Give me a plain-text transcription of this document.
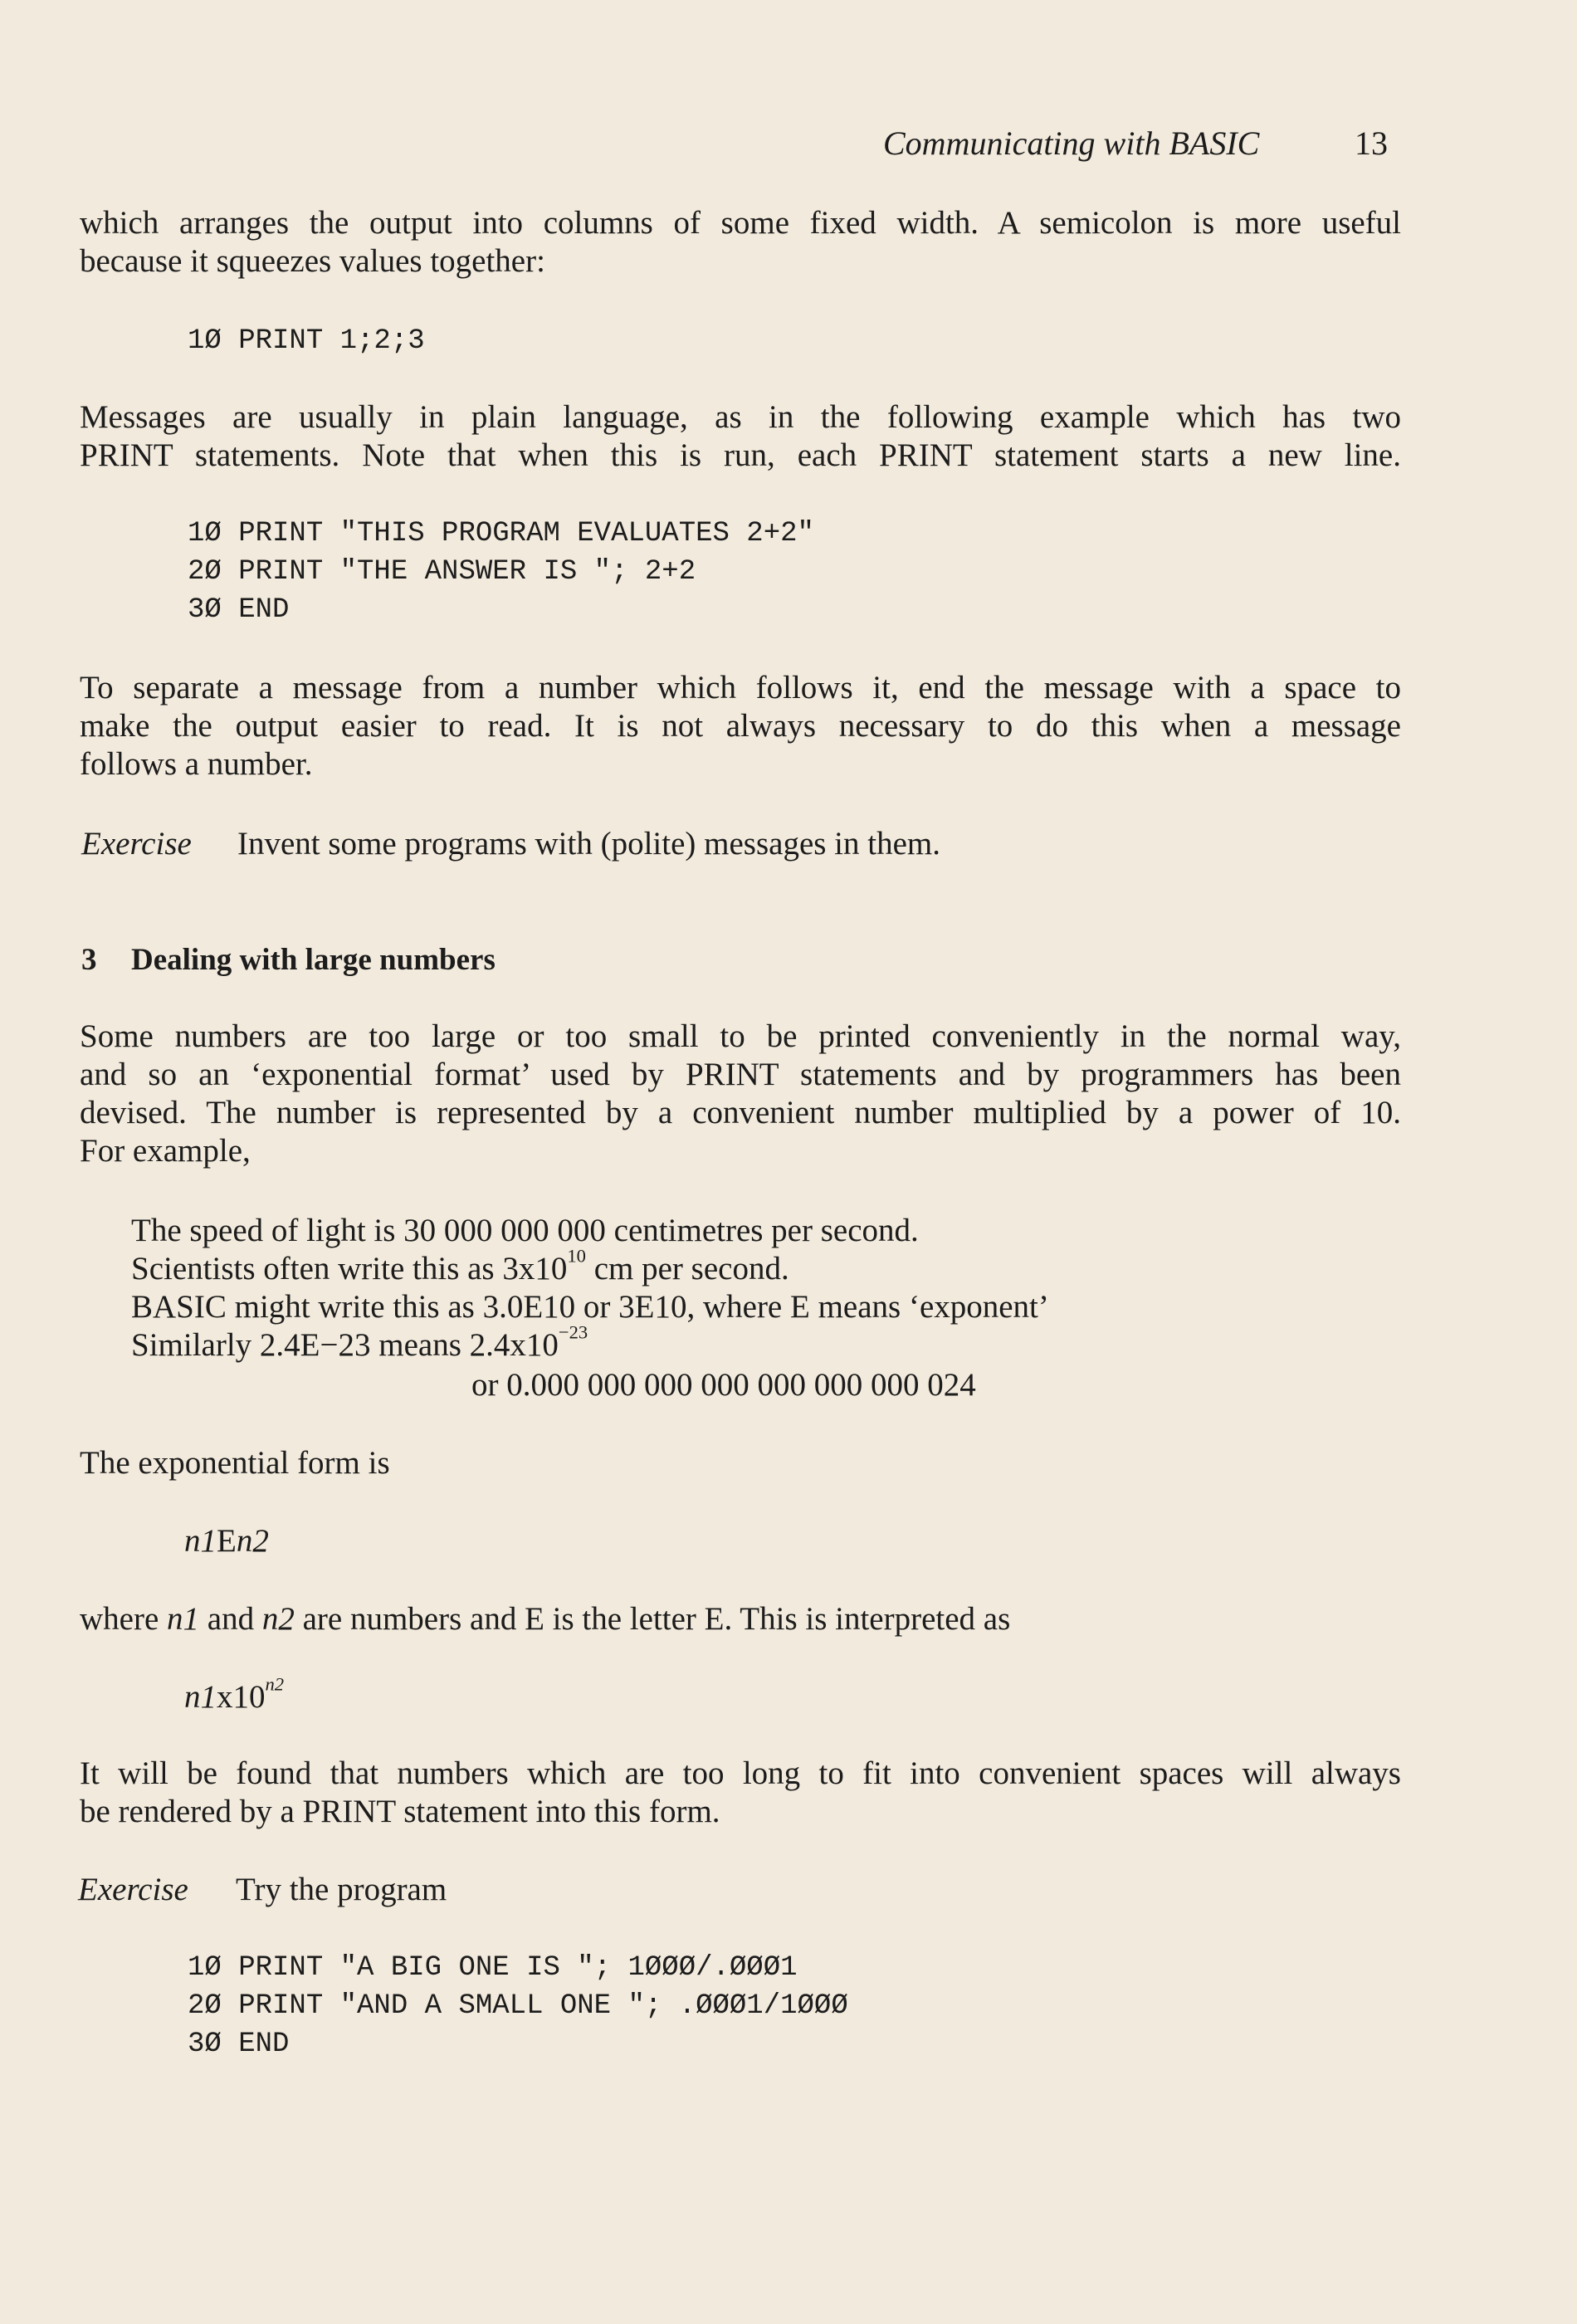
Communicating with BASIC	13
which arranges the output into columns of some fixed width. A semicolon is more useful
because it squeezes values together:
1Ø PRINT 1;2;3
Messages are usually in plain language, as in the following example which has two
PRINT statements. Note that when this is run, each PRINT statement starts a new line.
1Ø PRINT "THIS PROGRAM EVALUATES 2+2"
2Ø PRINT "THE ANSWER IS "; 2+2
3Ø END
To separate a message from a number which follows it, end the message with a space to
make the output easier to read. It is not always necessary to do this when a message
follows a number.
Exercise Invent some programs with (polite) messages in them.
3 Dealing with large numbers
Some numbers are too large or too small to be printed conveniently in the normal way,
and so an ‘exponential format’ used by PRINT statements and by programmers has been
devised. The number is represented by a convenient number multiplied by a power of 10.
For example,
The speed of light is 30 000 000 000 centimetres per second.
Scientists often write this as $3x10^{10}$ cm per second.
BASIC might write this as 3.0E10 or 3E10, where E means ‘exponent’
Similarly 2.4E−23 means $2.4x10^{-23}$
or 0.000 000 000 000 000 000 000 024
The exponential form is
n1En2
where n1 and n2 are numbers and E is the letter E. This is interpreted as
$n1x10^{n2}$
It will be found that numbers which are too long to fit into convenient spaces will always
be rendered by a PRINT statement into this form.
Exercise Try the program
1Ø PRINT "A BIG ONE IS "; 1ØØØ/.ØØØ1
2Ø PRINT "AND A SMALL ONE "; .ØØØ1/1ØØØ
3Ø END
